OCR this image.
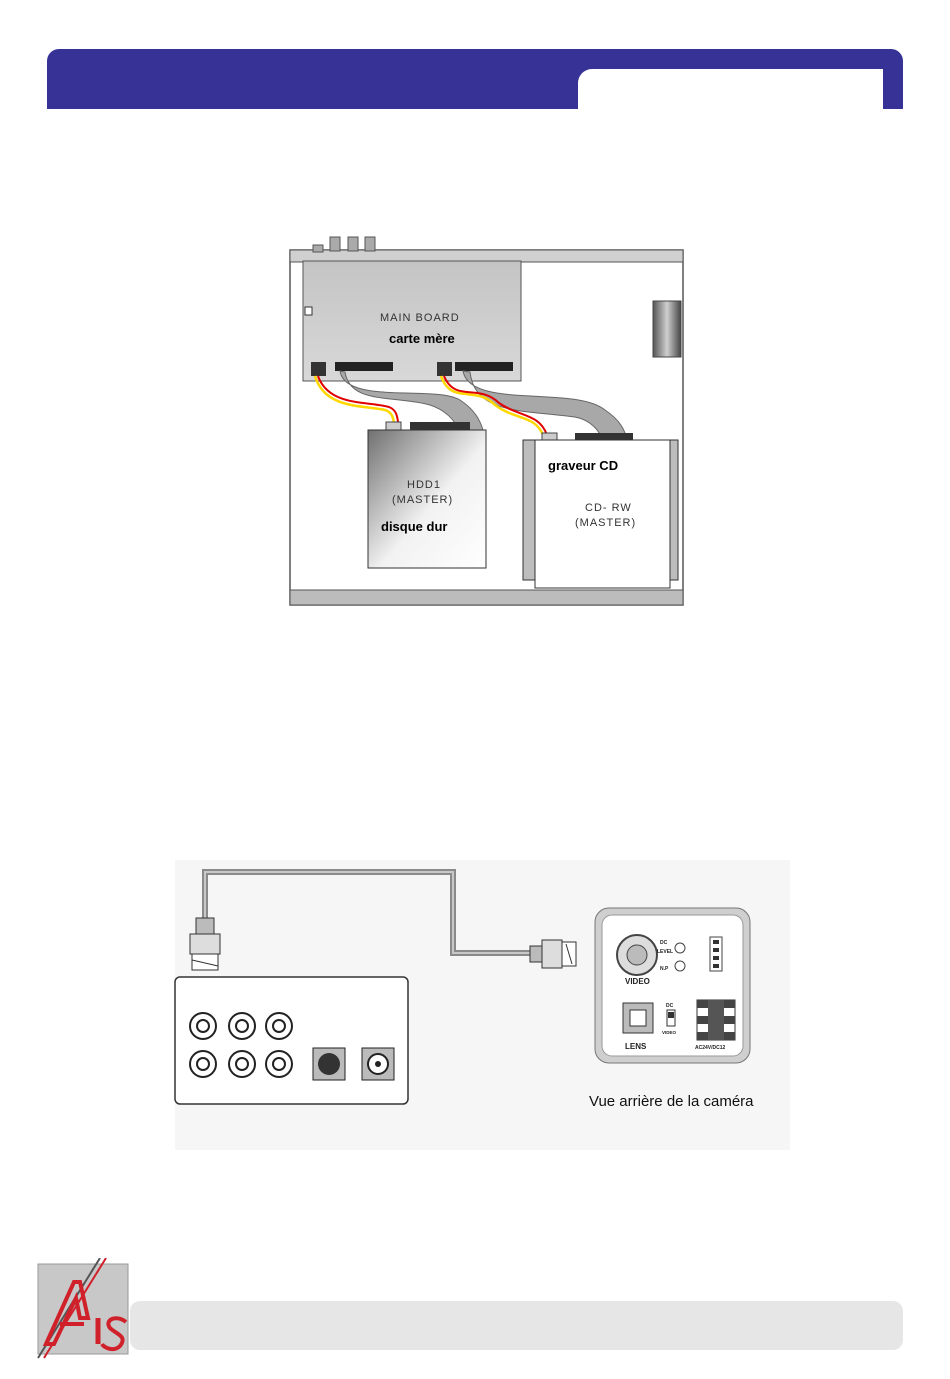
MAIN BOARD
carte mère
HDD1
(MASTER)
disque dur
graveur CD
CD- RW
(MASTER)
VIDEO
DC
LEVEL
N.P
LENS
DC
VIDEO
AC24V/DC12
Vue arrière de la caméra
